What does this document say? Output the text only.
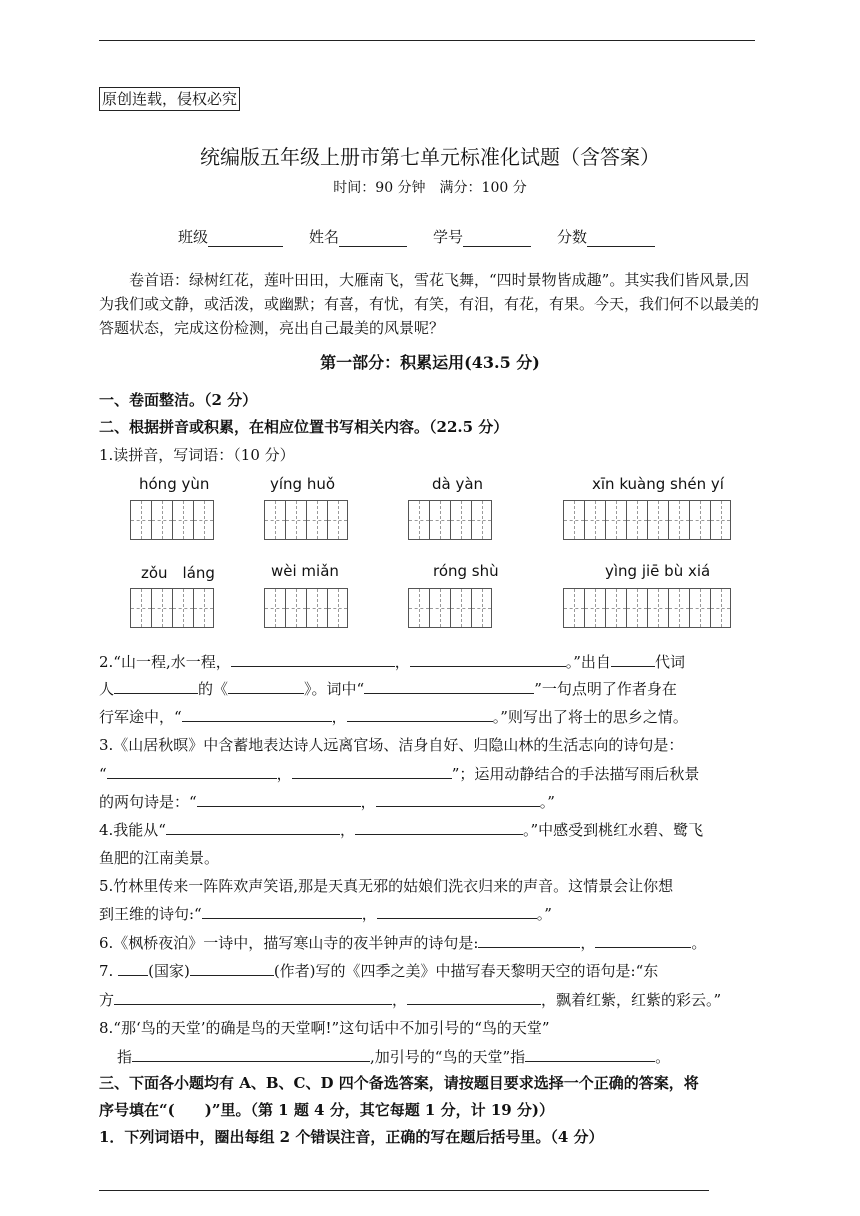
原创连载，侵权必究
统编版五年级上册市第七单元标准化试题（含答案）
时间：90 分钟　满分：100 分
班级	姓名	学号	分数
卷首语：绿树红花，莲叶田田，大雁南飞，雪花飞舞，“四时景物皆成趣”。其实我们皆风景,因为我们或文静，或活泼，或幽默；有喜，有忧，有笑，有泪，有花，有果。今天，我们何不以最美的答题状态，完成这份检测，亮出自己最美的风景呢？
第一部分：积累运用(43.5 分)
一、卷面整洁。（2 分）
二、根据拼音或积累，在相应位置书写相关内容。（22.5 分）
1.读拼音，写词语：（10 分）
hóng yùn	yíng huǒ	dà yàn	xīn kuàng shén yí
zǒu　láng	wèi miǎn	róng shù	yìng jiē bù xiá
2.“山一程,水一程，	，	。”出自	代词
人	的《	》。词中“	”一句点明了作者身在
行军途中，“	，	。”则写出了将士的思乡之情。
3.《山居秋暝》中含蓄地表达诗人远离官场、洁身自好、归隐山林的生活志向的诗句是：
“	，	”；运用动静结合的手法描写雨后秋景
的两句诗是：“	，	。”
4.我能从“	，	。”中感受到桃红水碧、鹭飞
鱼肥的江南美景。
5.竹林里传来一阵阵欢声笑语,那是天真无邪的姑娘们洗衣归来的声音。这情景会让你想
到王维的诗句:“	，	。”
6.《枫桥夜泊》一诗中，描写寒山寺的夜半钟声的诗句是:	，	。
7. (国家)	(作者)写的《四季之美》中描写春天黎明天空的语句是:“东
方	，	，飘着红紫，红紫的彩云。”
8.“那‘鸟的天堂’的确是鸟的天堂啊!”这句话中不加引号的“鸟的天堂”
指	,加引号的“鸟的天堂”指	。
三、下面各小题均有 A、B、C、D 四个备选答案，请按题目要求选择一个正确的答案，将
序号填在“(　　)”里。（第 1 题 4 分，其它每题 1 分，计 19 分)）
1．下列词语中，圈出每组 2 个错误注音，正确的写在题后括号里。（4 分）
